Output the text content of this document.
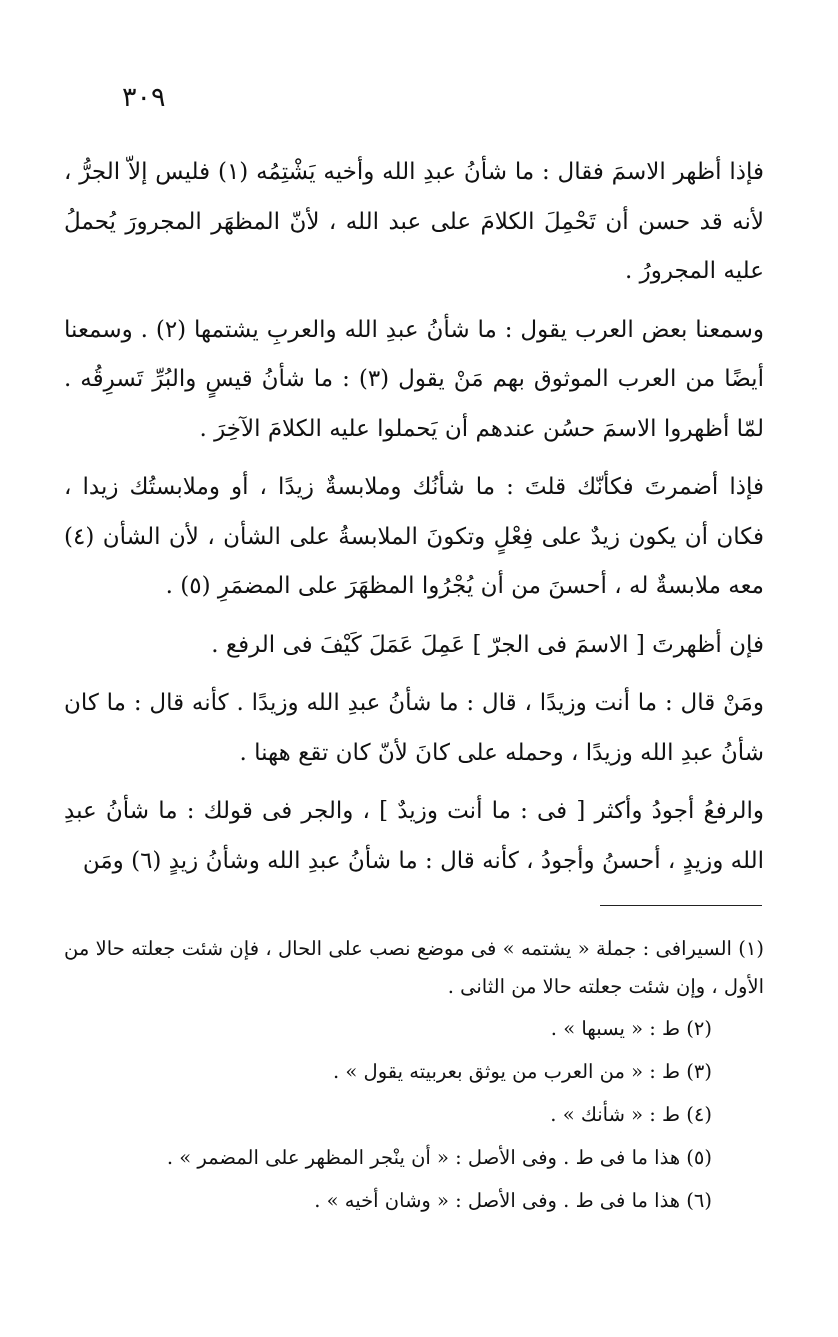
٣٠٩

فإذا أظهر الاسمَ فقال : ما شأنُ عبدِ الله وأخيه يَشْتِمُه (١) فليس إلاّ الجرُّ ، لأنه قد حسن أن تَحْمِلَ الكلامَ على عبد الله ، لأنّ المظهَر المجرورَ يُحملُ عليه المجرورُ .

وسمعنا بعض العرب يقول : ما شأنُ عبدِ الله والعربِ يشتمها (٢) . وسمعنا أيضًا من العرب الموثوق بهم مَنْ يقول (٣) : ما شأنُ قيسٍ والبُرِّ تَسرِقُه . لمّا أظهروا الاسمَ حسُن عندهم أن يَحملوا عليه الكلامَ الآخِرَ .

فإذا أضمرتَ فكأنّك قلتَ : ما شأنُك وملابسةٌ زيدًا ، أو وملابستُك زيدا ، فكان أن يكون زيدٌ على فِعْلٍ وتكونَ الملابسةُ على الشأن ، لأن الشأن (٤) معه ملابسةٌ له ، أحسنَ من أن يُجْرُوا المظهَرَ على المضمَرِ (٥) .

فإن أظهرتَ [ الاسمَ فى الجرّ ] عَمِلَ عَمَلَ كَيْفَ فى الرفع .

ومَنْ قال : ما أنت وزيدًا ، قال : ما شأنُ عبدِ الله وزيدًا . كأنه قال : ما كان شأنُ عبدِ الله وزيدًا ، وحمله على كانَ لأنّ كان تقع ههنا .

والرفعُ أجودُ وأكثر [ فى : ما أنت وزيدٌ ] ، والجر فى قولك : ما شأنُ عبدِ الله وزيدٍ ، أحسنُ وأجودُ ، كأنه قال : ما شأنُ عبدِ الله وشأنُ زيدٍ (٦) ومَن

(١) السيرافى : جملة « يشتمه » فى موضع نصب على الحال ، فإن شئت جعلته حالا من الأول ، وإن شئت جعلته حالا من الثانى .

(٢) ط : « يسبها » .

(٣) ط : « من العرب من يوثق بعربيته يقول » .

(٤) ط : « شأنك » .

(٥) هذا ما فى ط . وفى الأصل : « أن ينْجر المظهر على المضمر » .

(٦) هذا ما فى ط . وفى الأصل : « وشان أخيه » .
